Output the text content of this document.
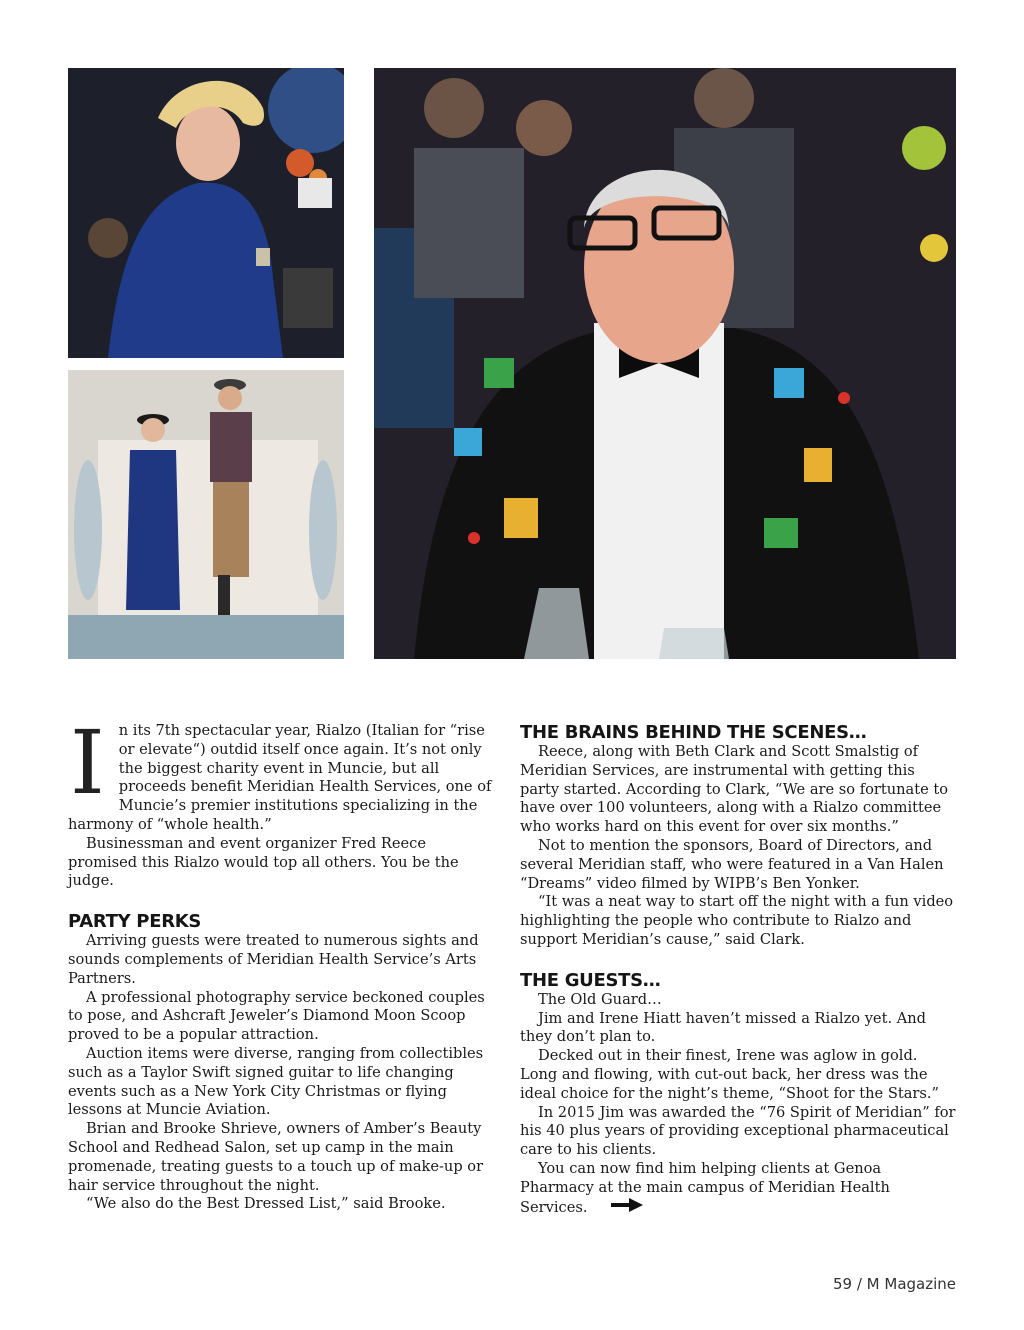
In its 7th spectacular year, Rialzo (Italian for “rise or elevate“) outdid itself once again. It’s not only the biggest charity event in Muncie, but all proceeds benefit Meridian Health Services, one of Muncie’s premier institutions specializing in the harmony of “whole health.”

Businessman and event organizer Fred Reece promised this Rialzo would top all others. You be the judge.

PARTY PERKS

Arriving guests were treated to numerous sights and sounds complements of Meridian Health Service’s Arts Partners.

A professional photography service beckoned couples to pose, and Ashcraft Jeweler’s Diamond Moon Scoop proved to be a popular attraction.

Auction items were diverse, ranging from collectibles such as a Taylor Swift signed guitar to life changing events such as a New York City Christmas or flying lessons at Muncie Aviation.

Brian and Brooke Shrieve, owners of Amber’s Beauty School and Redhead Salon, set up camp in the main promenade, treating guests to a touch up of make-up or hair service throughout the night.

“We also do the Best Dressed List,” said Brooke.

THE BRAINS BEHIND THE SCENES…

Reece, along with Beth Clark and Scott Smalstig of Meridian Services, are instrumental with getting this party started. According to Clark, “We are so fortunate to have over 100 volunteers, along with a Rialzo committee who works hard on this event for over six months.”

Not to mention the sponsors, Board of Directors, and several Meridian staff, who were featured in a Van Halen “Dreams” video filmed by WIPB’s Ben Yonker.

“It was a neat way to start off the night with a fun video highlighting the people who contribute to Rialzo and support Meridian’s cause,” said Clark.

THE GUESTS…

The Old Guard…

Jim and Irene Hiatt haven’t missed a Rialzo yet. And they don’t plan to.

Decked out in their finest, Irene was aglow in gold. Long and flowing, with cut-out back, her dress was the ideal choice for the night’s theme, “Shoot for the Stars.”

In 2015 Jim was awarded the “76 Spirit of Meridian” for his 40 plus years of providing exceptional pharmaceutical care to his clients.

You can now find him helping clients at Genoa Pharmacy at the main campus of Meridian Health Services.

59 / M Magazine
